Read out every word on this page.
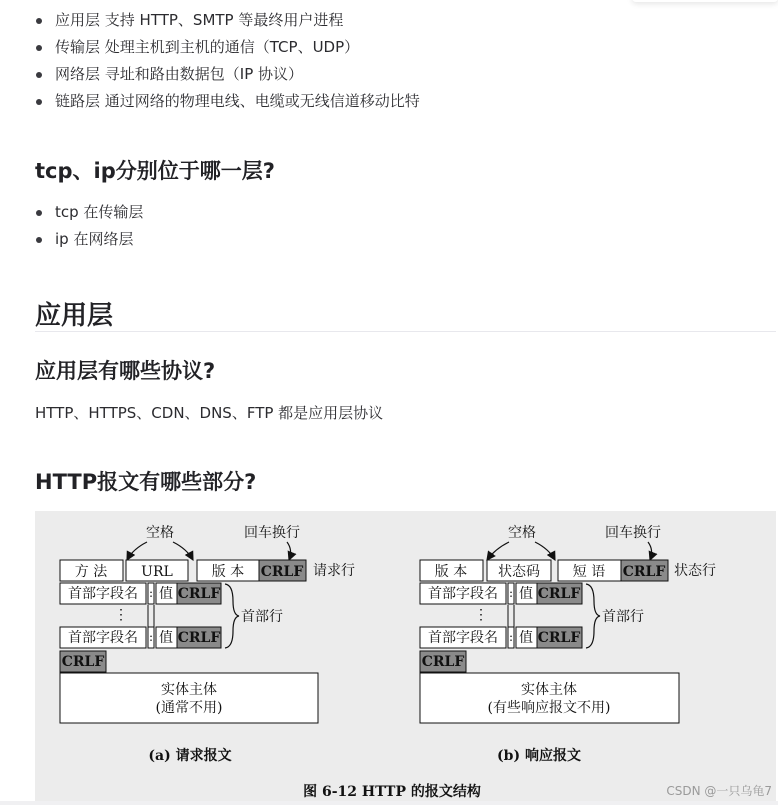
应用层 支持 HTTP、SMTP 等最终用户进程
传输层 处理主机到主机的通信（TCP、UDP）
网络层 寻址和路由数据包（IP 协议）
链路层 通过网络的物理电线、电缆或无线信道移动比特
tcp、ip分别位于哪一层?
tcp 在传输层
ip 在网络层
应用层
应用层有哪些协议?

HTTP、HTTPS、CDN、DNS、FTP 都是应用层协议

HTTP报文有哪些部分?
空格	回车换行
方 法 URL	版 本 CRLF 请求行
首部字段名 : 值 CRLF
⋮
首部字段名 : 值 CRLF
首部行
CRLF
实体主体
(通常不用)
(a) 请求报文
空格	回车换行
版 本 状态码 短 语 CRLF 状态行
首部字段名 : 值 CRLF
⋮
首部字段名 : 值 CRLF
首部行
CRLF
实体主体
(有些响应报文不用)
(b) 响应报文
图 6-12 HTTP 的报文结构	CSDN @一只乌龟7
